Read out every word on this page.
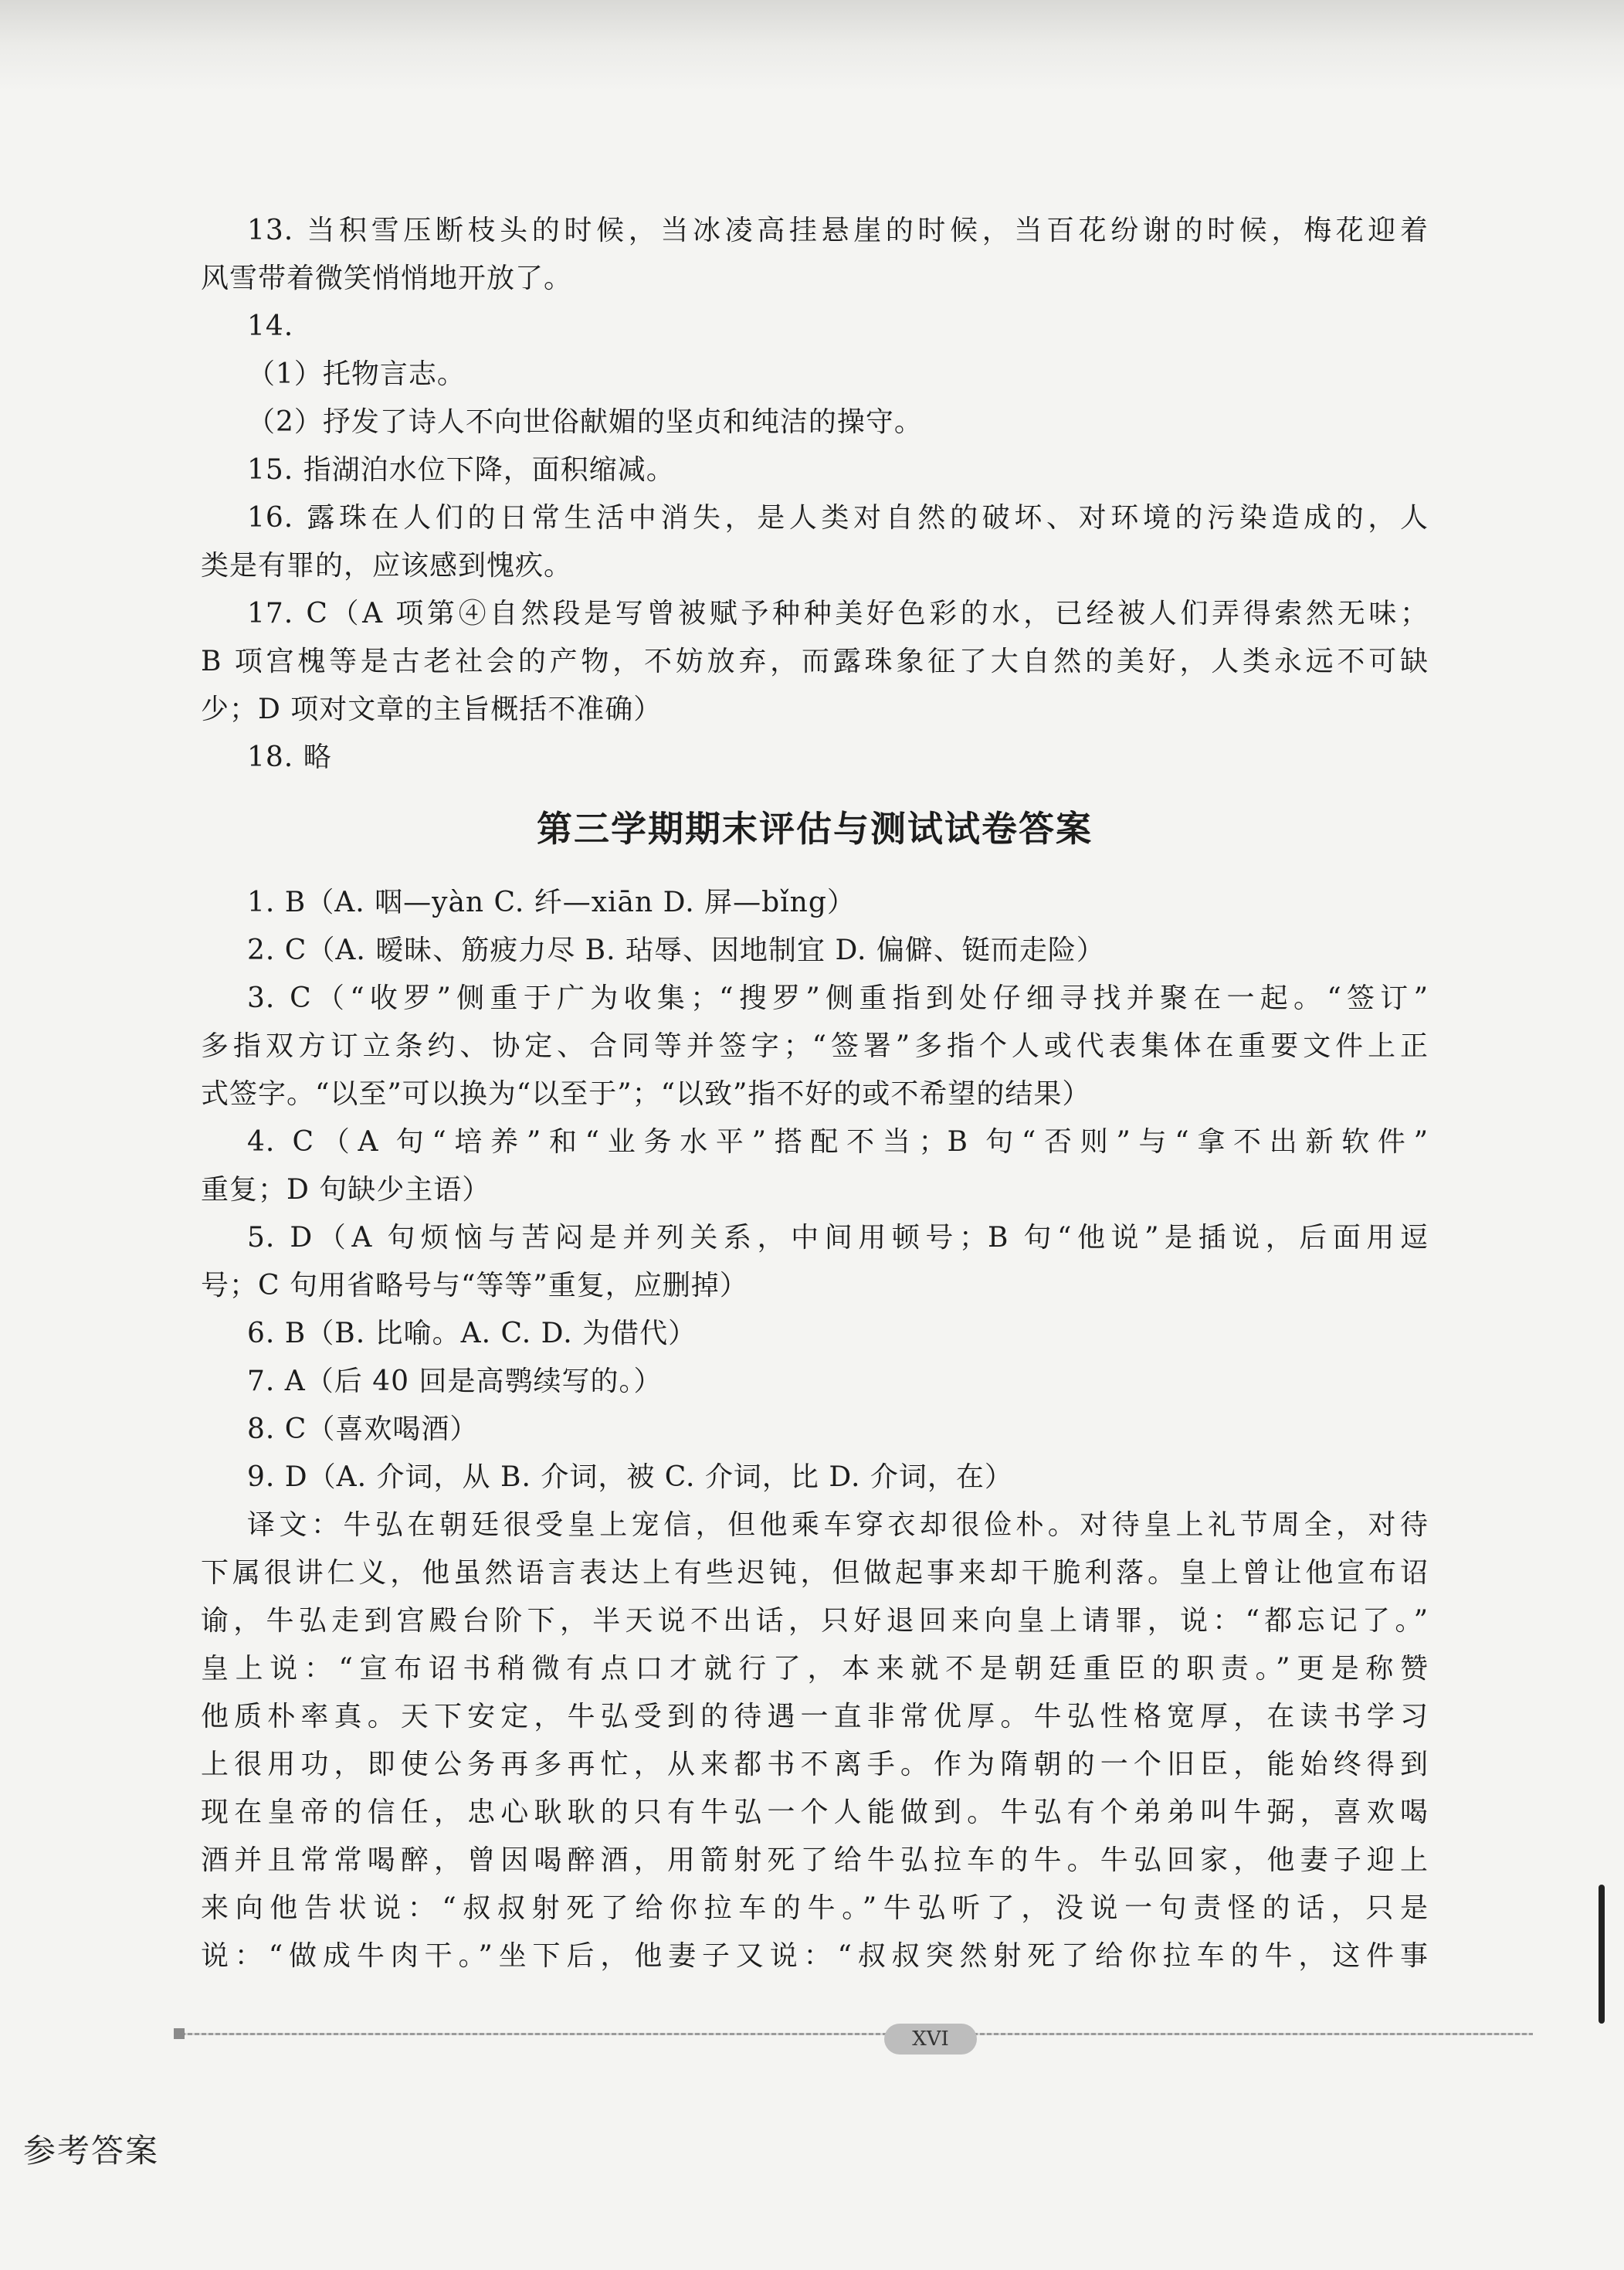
13. 当积雪压断枝头的时候，当冰凌高挂悬崖的时候，当百花纷谢的时候，梅花迎着
风雪带着微笑悄悄地开放了。
14.
（1）托物言志。
（2）抒发了诗人不向世俗献媚的坚贞和纯洁的操守。
15. 指湖泊水位下降，面积缩减。
16. 露珠在人们的日常生活中消失，是人类对自然的破坏、对环境的污染造成的，人
类是有罪的，应该感到愧疚。
17. C（A 项第④自然段是写曾被赋予种种美好色彩的水，已经被人们弄得索然无味；
B 项宫槐等是古老社会的产物，不妨放弃，而露珠象征了大自然的美好，人类永远不可缺
少；D 项对文章的主旨概括不准确）
18. 略
第三学期期末评估与测试试卷答案
1. B（A. 咽—yàn C. 纤—xiān D. 屏—bǐng）
2. C（A. 暧昧、筋疲力尽 B. 玷辱、因地制宜 D. 偏僻、铤而走险）
3. C（“收罗”侧重于广为收集；“搜罗”侧重指到处仔细寻找并聚在一起。“签订”
多指双方订立条约、协定、合同等并签字；“签署”多指个人或代表集体在重要文件上正
式签字。“以至”可以换为“以至于”；“以致”指不好的或不希望的结果）
4. C（A 句“培养”和“业务水平”搭配不当；B 句“否则”与“拿不出新软件”
重复；D 句缺少主语）
5. D（A 句烦恼与苦闷是并列关系，中间用顿号；B 句“他说”是插说，后面用逗
号；C 句用省略号与“等等”重复，应删掉）
6. B（B. 比喻。A. C. D. 为借代）
7. A（后 40 回是高鹗续写的。）
8. C（喜欢喝酒）
9. D（A. 介词，从 B. 介词，被 C. 介词，比 D. 介词，在）
译文：牛弘在朝廷很受皇上宠信，但他乘车穿衣却很俭朴。对待皇上礼节周全，对待
下属很讲仁义，他虽然语言表达上有些迟钝，但做起事来却干脆利落。皇上曾让他宣布诏
谕，牛弘走到宫殿台阶下，半天说不出话，只好退回来向皇上请罪，说：“都忘记了。”
皇上说：“宣布诏书稍微有点口才就行了，本来就不是朝廷重臣的职责。”更是称赞
他质朴率真。天下安定，牛弘受到的待遇一直非常优厚。牛弘性格宽厚，在读书学习
上很用功，即使公务再多再忙，从来都书不离手。作为隋朝的一个旧臣，能始终得到
现在皇帝的信任，忠心耿耿的只有牛弘一个人能做到。牛弘有个弟弟叫牛弼，喜欢喝
酒并且常常喝醉，曾因喝醉酒，用箭射死了给牛弘拉车的牛。牛弘回家，他妻子迎上
来向他告状说：“叔叔射死了给你拉车的牛。”牛弘听了，没说一句责怪的话，只是
说：“做成牛肉干。”坐下后，他妻子又说：“叔叔突然射死了给你拉车的牛，这件事
XVI
参考答案
